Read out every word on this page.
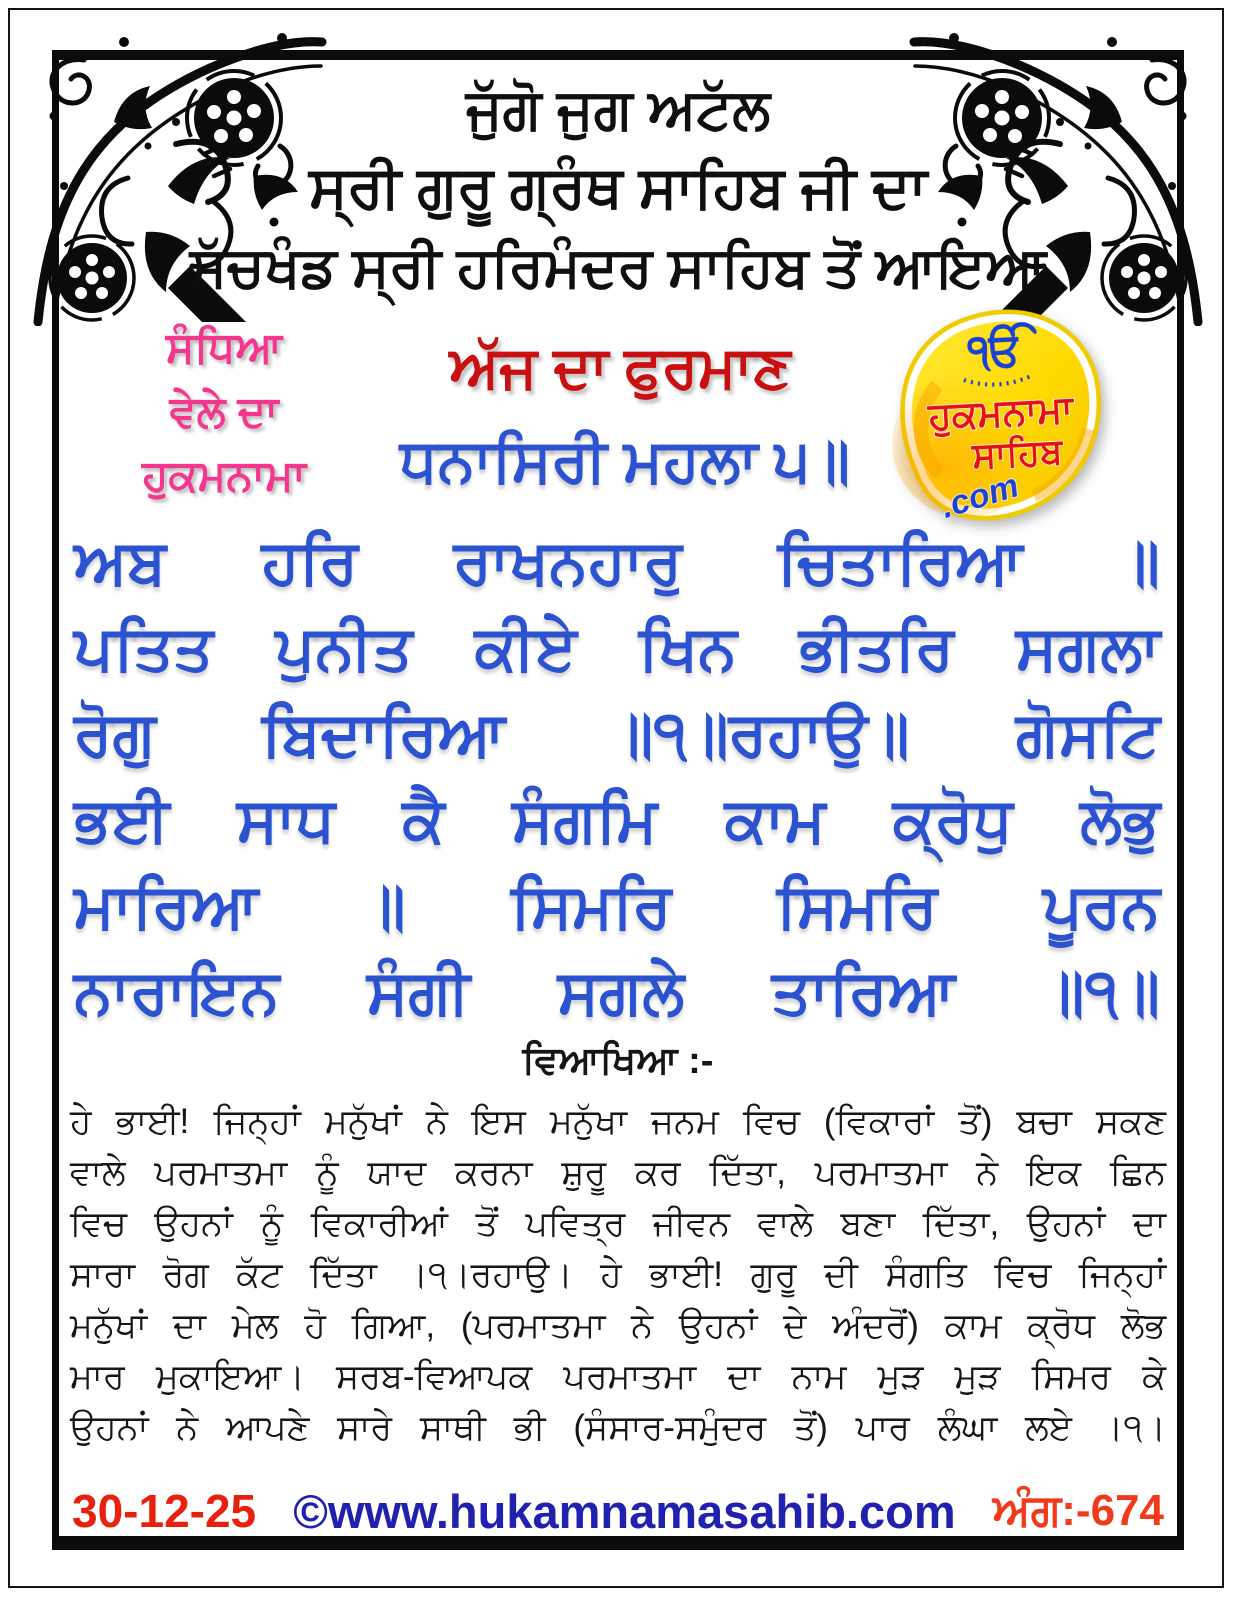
ਜੁੱਗੋ ਜੁਗ ਅਟੱਲ
ਸ੍ਰੀ ਗੁਰੂ ਗ੍ਰੰਥ ਸਾਹਿਬ ਜੀ ਦਾ
ਸੱਚਖੰਡ ਸ੍ਰੀ ਹਰਿਮੰਦਰ ਸਾਹਿਬ ਤੋਂ ਆਇਆ
ਸੰਧਿਆ
ਵੇਲੇ ਦਾ
ਹੁਕਮਨਾਮਾ
ਅੱਜ ਦਾ ਫੁਰਮਾਣ	ੴ
ਹੁਕਮਨਾਮਾ
ਸਾਹਿਬ
.com
ਧਨਾਸਿਰੀ ਮਹਲਾ ੫॥
ਅਬ ਹਰਿ ਰਾਖਨਹਾਰੁ ਚਿਤਾਰਿਆ ॥
ਪਤਿਤ ਪੁਨੀਤ ਕੀਏ ਖਿਨ ਭੀਤਰਿ ਸਗਲਾ
ਰੋਗੁ ਬਿਦਾਰਿਆ ॥੧॥ਰਹਾਉ॥ ਗੋਸਟਿ
ਭਈ ਸਾਧ ਕੈ ਸੰਗਮਿ ਕਾਮ ਕ੍ਰੋਧੁ ਲੋਭੁ
ਮਾਰਿਆ ॥ ਸਿਮਰਿ ਸਿਮਰਿ ਪੂਰਨ
ਨਾਰਾਇਨ ਸੰਗੀ ਸਗਲੇ ਤਾਰਿਆ ॥੧॥
ਵਿਆਖਿਆ :-
ਹੇ ਭਾਈ! ਜਿਨ੍ਹਾਂ ਮਨੁੱਖਾਂ ਨੇ ਇਸ ਮਨੁੱਖਾ ਜਨਮ ਵਿਚ (ਵਿਕਾਰਾਂ ਤੋਂ) ਬਚਾ ਸਕਣ
ਵਾਲੇ ਪਰਮਾਤਮਾ ਨੂੰ ਯਾਦ ਕਰਨਾ ਸ਼ੁਰੂ ਕਰ ਦਿੱਤਾ, ਪਰਮਾਤਮਾ ਨੇ ਇਕ ਛਿਨ
ਵਿਚ ਉਹਨਾਂ ਨੂੰ ਵਿਕਾਰੀਆਂ ਤੋਂ ਪਵਿਤ੍ਰ ਜੀਵਨ ਵਾਲੇ ਬਣਾ ਦਿੱਤਾ, ਉਹਨਾਂ ਦਾ
ਸਾਰਾ ਰੋਗ ਕੱਟ ਦਿੱਤਾ ।੧।ਰਹਾਉ। ਹੇ ਭਾਈ! ਗੁਰੂ ਦੀ ਸੰਗਤਿ ਵਿਚ ਜਿਨ੍ਹਾਂ
ਮਨੁੱਖਾਂ ਦਾ ਮੇਲ ਹੋ ਗਿਆ, (ਪਰਮਾਤਮਾ ਨੇ ਉਹਨਾਂ ਦੇ ਅੰਦਰੋਂ) ਕਾਮ ਕ੍ਰੋਧ ਲੋਭ
ਮਾਰ ਮੁਕਾਇਆ। ਸਰਬ-ਵਿਆਪਕ ਪਰਮਾਤਮਾ ਦਾ ਨਾਮ ਮੁੜ ਮੁੜ ਸਿਮਰ ਕੇ
ਉਹਨਾਂ ਨੇ ਆਪਣੇ ਸਾਰੇ ਸਾਥੀ ਭੀ (ਸੰਸਾਰ-ਸਮੁੰਦਰ ਤੋਂ) ਪਾਰ ਲੰਘਾ ਲਏ ।੧।
30-12-25 ©www.hukamnamasahib.com ਅੰਗ:-674
